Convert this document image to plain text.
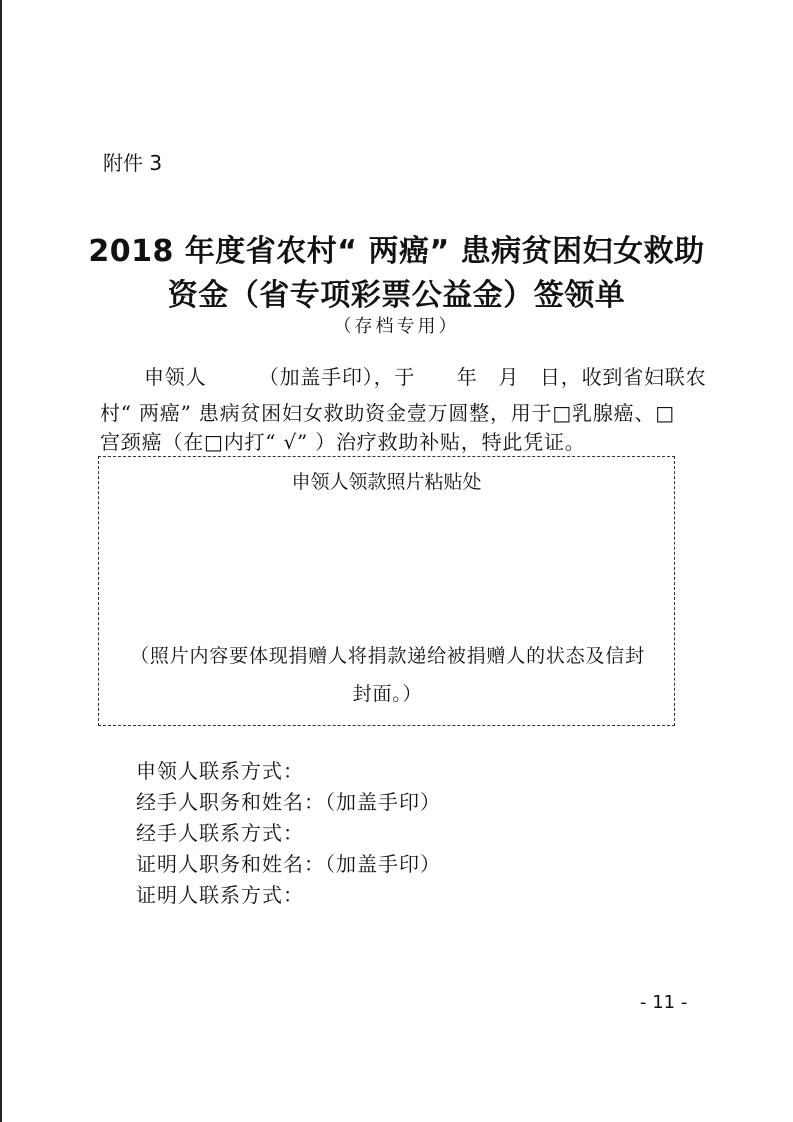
附件 3
2018 年度省农村“ 两癌” 患病贫困妇女救助
资金（省专项彩票公益金）签领单
（存档专用）
申领人　　　（加盖手印），于　　年　月　日，收到省妇联农
村“ 两癌” 患病贫困妇女救助资金壹万圆整，用于□乳腺癌、□
宫颈癌（在□内打“ √” ）治疗救助补贴，特此凭证。
申领人领款照片粘贴处
（照片内容要体现捐赠人将捐款递给被捐赠人的状态及信封
封面。）
申领人联系方式：
经手人职务和姓名：（加盖手印）
经手人联系方式：
证明人职务和姓名：（加盖手印）
证明人联系方式：
- 11 -
